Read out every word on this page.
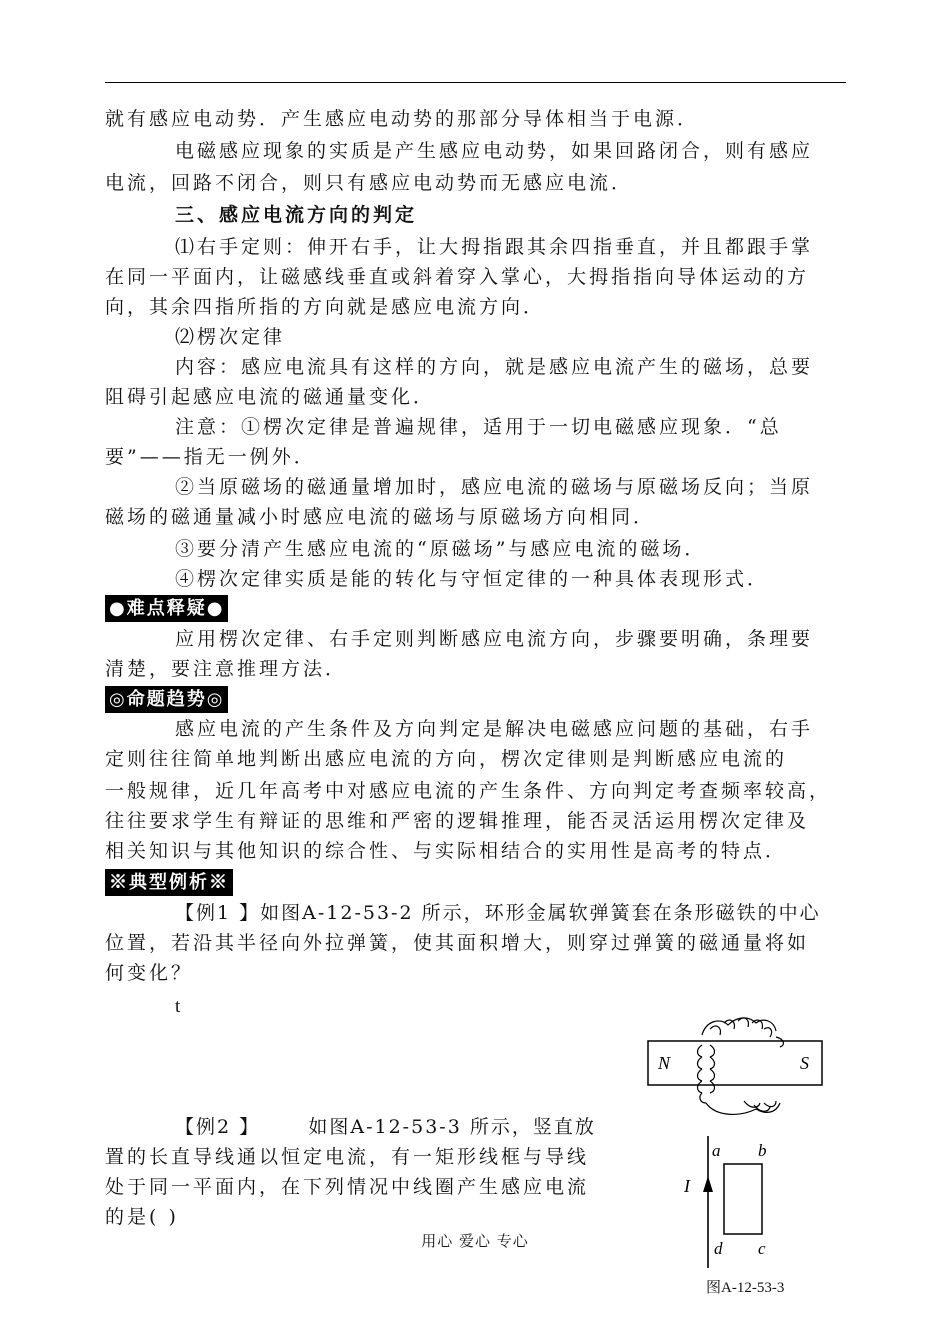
就有感应电动势．产生感应电动势的那部分导体相当于电源．
电磁感应现象的实质是产生感应电动势，如果回路闭合，则有感应
电流，回路不闭合，则只有感应电动势而无感应电流．
三、感应电流方向的判定
⑴右手定则：伸开右手，让大拇指跟其余四指垂直，并且都跟手掌
在同一平面内，让磁感线垂直或斜着穿入掌心，大拇指指向导体运动的方
向，其余四指所指的方向就是感应电流方向．
⑵楞次定律
内容：感应电流具有这样的方向，就是感应电流产生的磁场，总要
阻碍引起感应电流的磁通量变化．
注意：①楞次定律是普遍规律，适用于一切电磁感应现象．“总
要”——指无一例外．
②当原磁场的磁通量增加时，感应电流的磁场与原磁场反向；当原
磁场的磁通量减小时感应电流的磁场与原磁场方向相同．
③要分清产生感应电流的“原磁场”与感应电流的磁场．
④楞次定律实质是能的转化与守恒定律的一种具体表现形式．
●难点释疑●
应用楞次定律、右手定则判断感应电流方向，步骤要明确，条理要
清楚，要注意推理方法．
◎命题趋势◎
感应电流的产生条件及方向判定是解决电磁感应问题的基础，右手
定则往往简单地判断出感应电流的方向，楞次定律则是判断感应电流的
一般规律，近几年高考中对感应电流的产生条件、方向判定考查频率较高，
往往要求学生有辩证的思维和严密的逻辑推理，能否灵活运用楞次定律及
相关知识与其他知识的综合性、与实际相结合的实用性是高考的特点．
※典型例析※
【例1 】如图A-12-53-2 所示，环形金属软弹簧套在条形磁铁的中心
位置，若沿其半径向外拉弹簧，使其面积增大，则穿过弹簧的磁通量将如
何变化？
t
【例2 】      如图A-12-53-3 所示，竖直放
置的长直导线通以恒定电流，有一矩形线框与导线
处于同一平面内，在下列情况中线圈产生感应电流
的是( )
N	S
I
a b
d c
图A-12-53-3
用心 爱心 专心
